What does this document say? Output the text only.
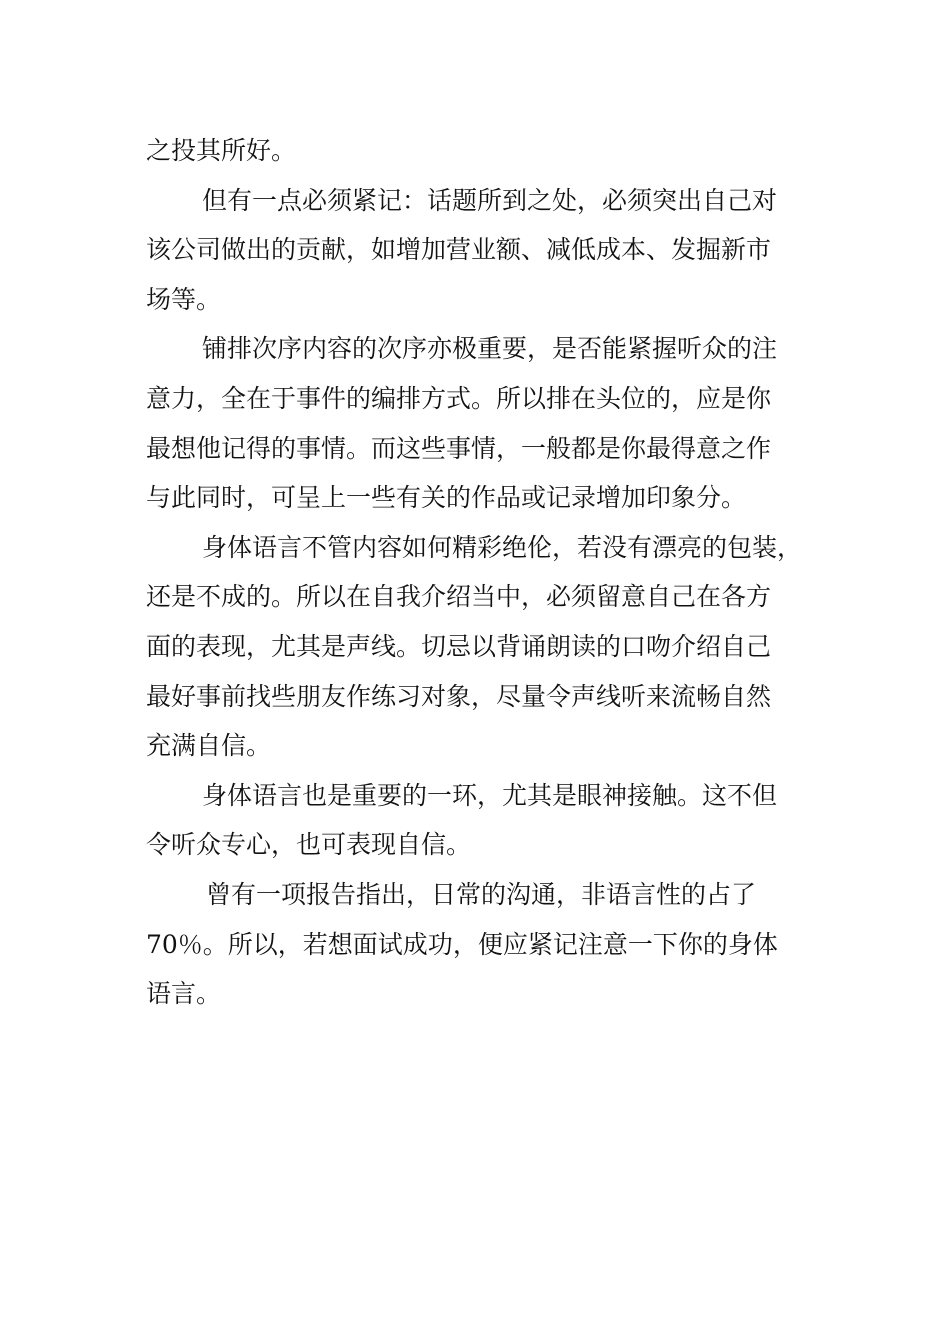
之投其所好。
但有一点必须紧记：话题所到之处，必须突出自己对
该公司做出的贡献，如增加营业额、减低成本、发掘新市
场等。
铺排次序内容的次序亦极重要，是否能紧握听众的注
意力，全在于事件的编排方式。所以排在头位的，应是你
最想他记得的事情。而这些事情，一般都是你最得意之作
与此同时，可呈上一些有关的作品或记录增加印象分。
身体语言不管内容如何精彩绝伦，若没有漂亮的包装，
还是不成的。所以在自我介绍当中，必须留意自己在各方
面的表现，尤其是声线。切忌以背诵朗读的口吻介绍自己
最好事前找些朋友作练习对象，尽量令声线听来流畅自然
充满自信。
身体语言也是重要的一环，尤其是眼神接触。这不但
令听众专心，也可表现自信。
曾有一项报告指出，日常的沟通，非语言性的占了
70％。所以，若想面试成功，便应紧记注意一下你的身体
语言。
